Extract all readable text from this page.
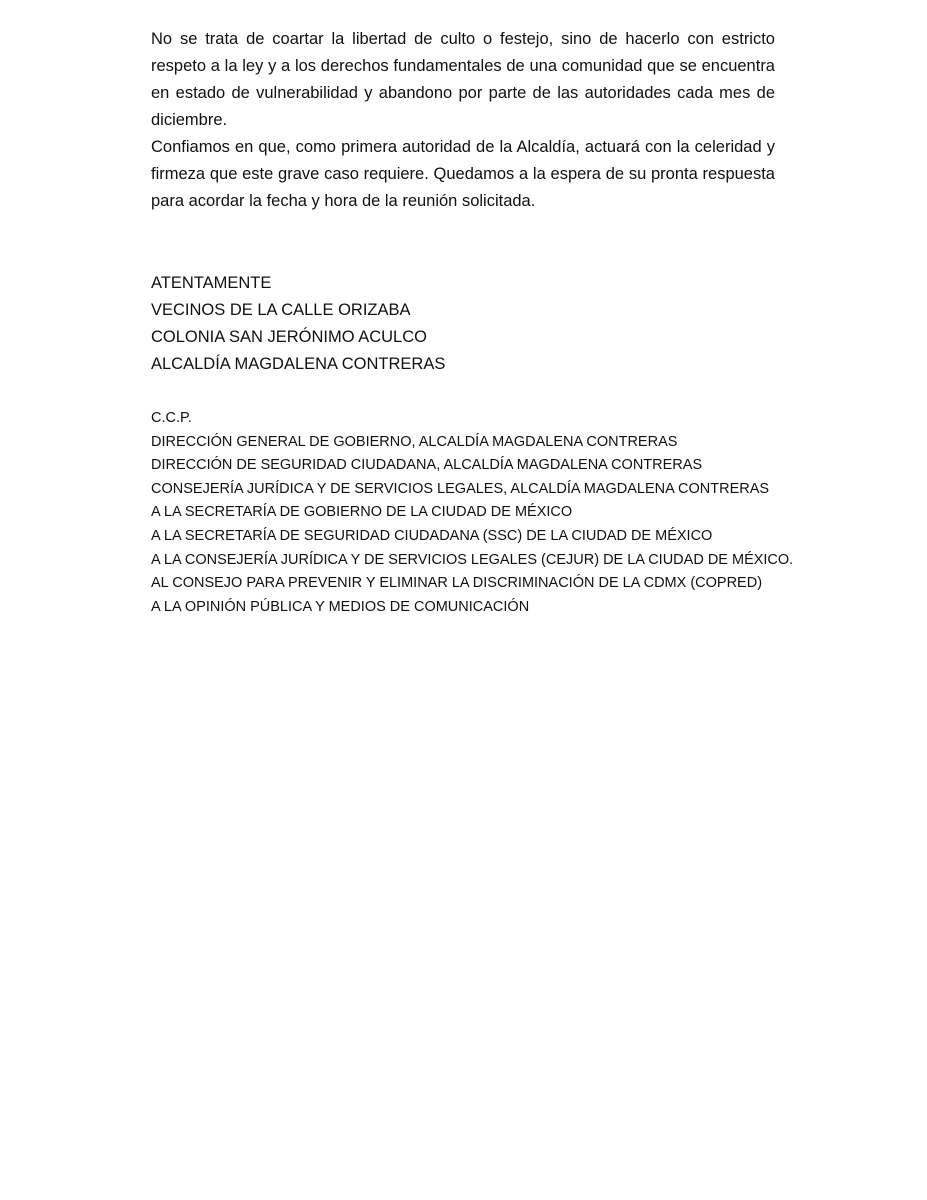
No se trata de coartar la libertad de culto o festejo, sino de hacerlo con estricto respeto a la ley y a los derechos fundamentales de una comunidad que se encuentra en estado de vulnerabilidad y abandono por parte de las autoridades cada mes de diciembre.

Confiamos en que, como primera autoridad de la Alcaldía, actuará con la celeridad y firmeza que este grave caso requiere. Quedamos a la espera de su pronta respuesta para acordar la fecha y hora de la reunión solicitada.

ATENTAMENTE
VECINOS DE LA CALLE ORIZABA
COLONIA SAN JERÓNIMO ACULCO
ALCALDÍA MAGDALENA CONTRERAS
C.C.P.
DIRECCIÓN GENERAL DE GOBIERNO, ALCALDÍA MAGDALENA CONTRERAS
DIRECCIÓN DE SEGURIDAD CIUDADANA, ALCALDÍA MAGDALENA CONTRERAS
CONSEJERÍA JURÍDICA Y DE SERVICIOS LEGALES, ALCALDÍA MAGDALENA CONTRERAS
A LA SECRETARÍA DE GOBIERNO DE LA CIUDAD DE MÉXICO
A LA SECRETARÍA DE SEGURIDAD CIUDADANA (SSC) DE LA CIUDAD DE MÉXICO
A LA CONSEJERÍA JURÍDICA Y DE SERVICIOS LEGALES (CEJUR) DE LA CIUDAD DE MÉXICO.
AL CONSEJO PARA PREVENIR Y ELIMINAR LA DISCRIMINACIÓN DE LA CDMX (COPRED)
A LA OPINIÓN PÚBLICA Y MEDIOS DE COMUNICACIÓN
